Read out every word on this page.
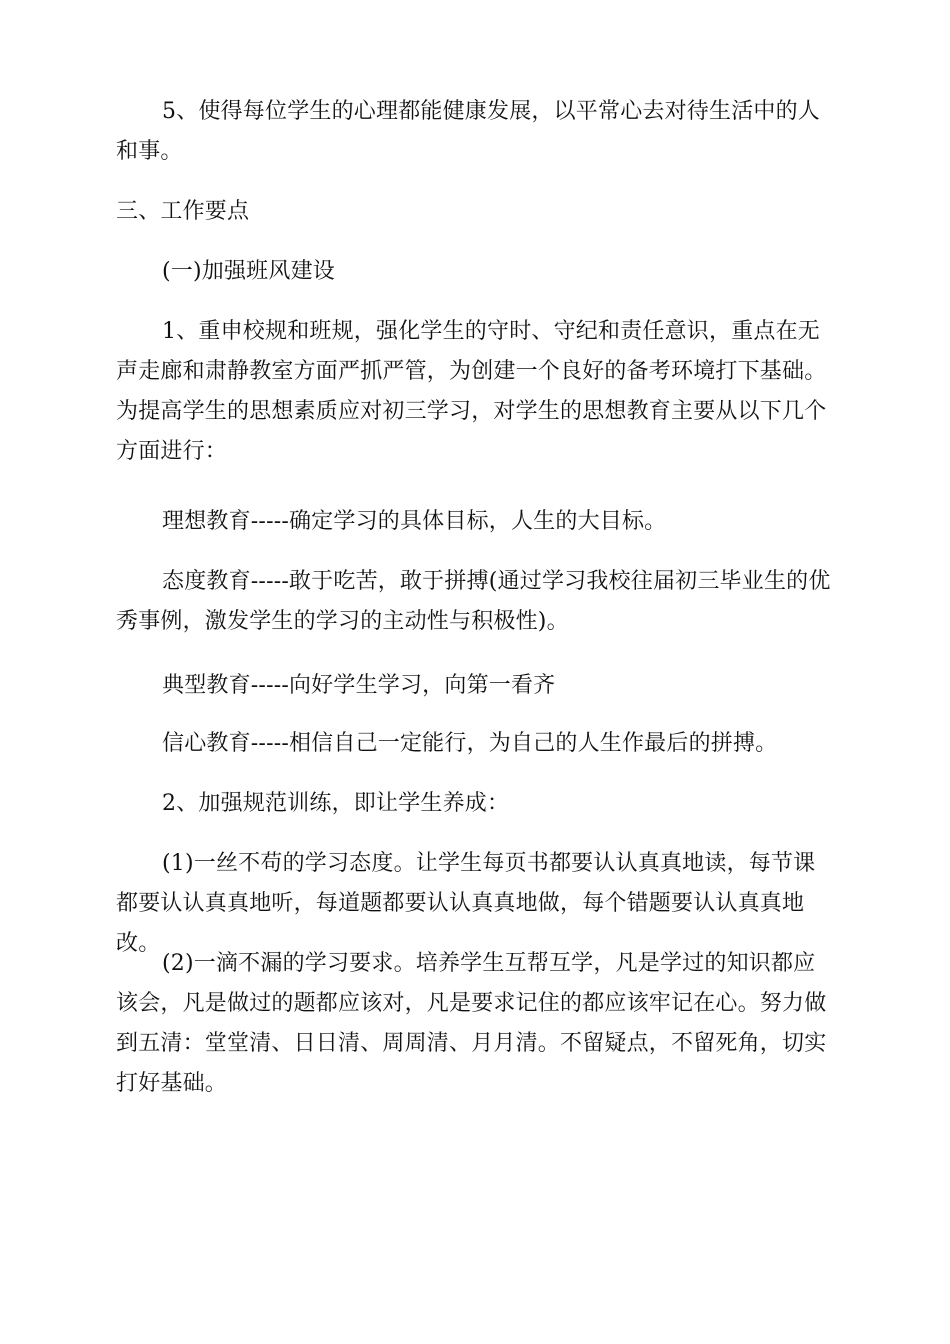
5、使得每位学生的心理都能健康发展，以平常心去对待生活中的人和事。

三、工作要点

(一)加强班风建设

1、重申校规和班规，强化学生的守时、守纪和责任意识，重点在无声走廊和肃静教室方面严抓严管，为创建一个良好的备考环境打下基础。为提高学生的思想素质应对初三学习，对学生的思想教育主要从以下几个方面进行：

理想教育-----确定学习的具体目标，人生的大目标。

态度教育-----敢于吃苦，敢于拼搏(通过学习我校往届初三毕业生的优秀事例，激发学生的学习的主动性与积极性)。

典型教育-----向好学生学习，向第一看齐

信心教育-----相信自己一定能行，为自己的人生作最后的拼搏。

2、加强规范训练，即让学生养成：

(1)一丝不苟的学习态度。让学生每页书都要认认真真地读，每节课都要认认真真地听，每道题都要认认真真地做，每个错题要认认真真地改。

(2)一滴不漏的学习要求。培养学生互帮互学，凡是学过的知识都应该会，凡是做过的题都应该对，凡是要求记住的都应该牢记在心。努力做到五清：堂堂清、日日清、周周清、月月清。不留疑点，不留死角，切实打好基础。
